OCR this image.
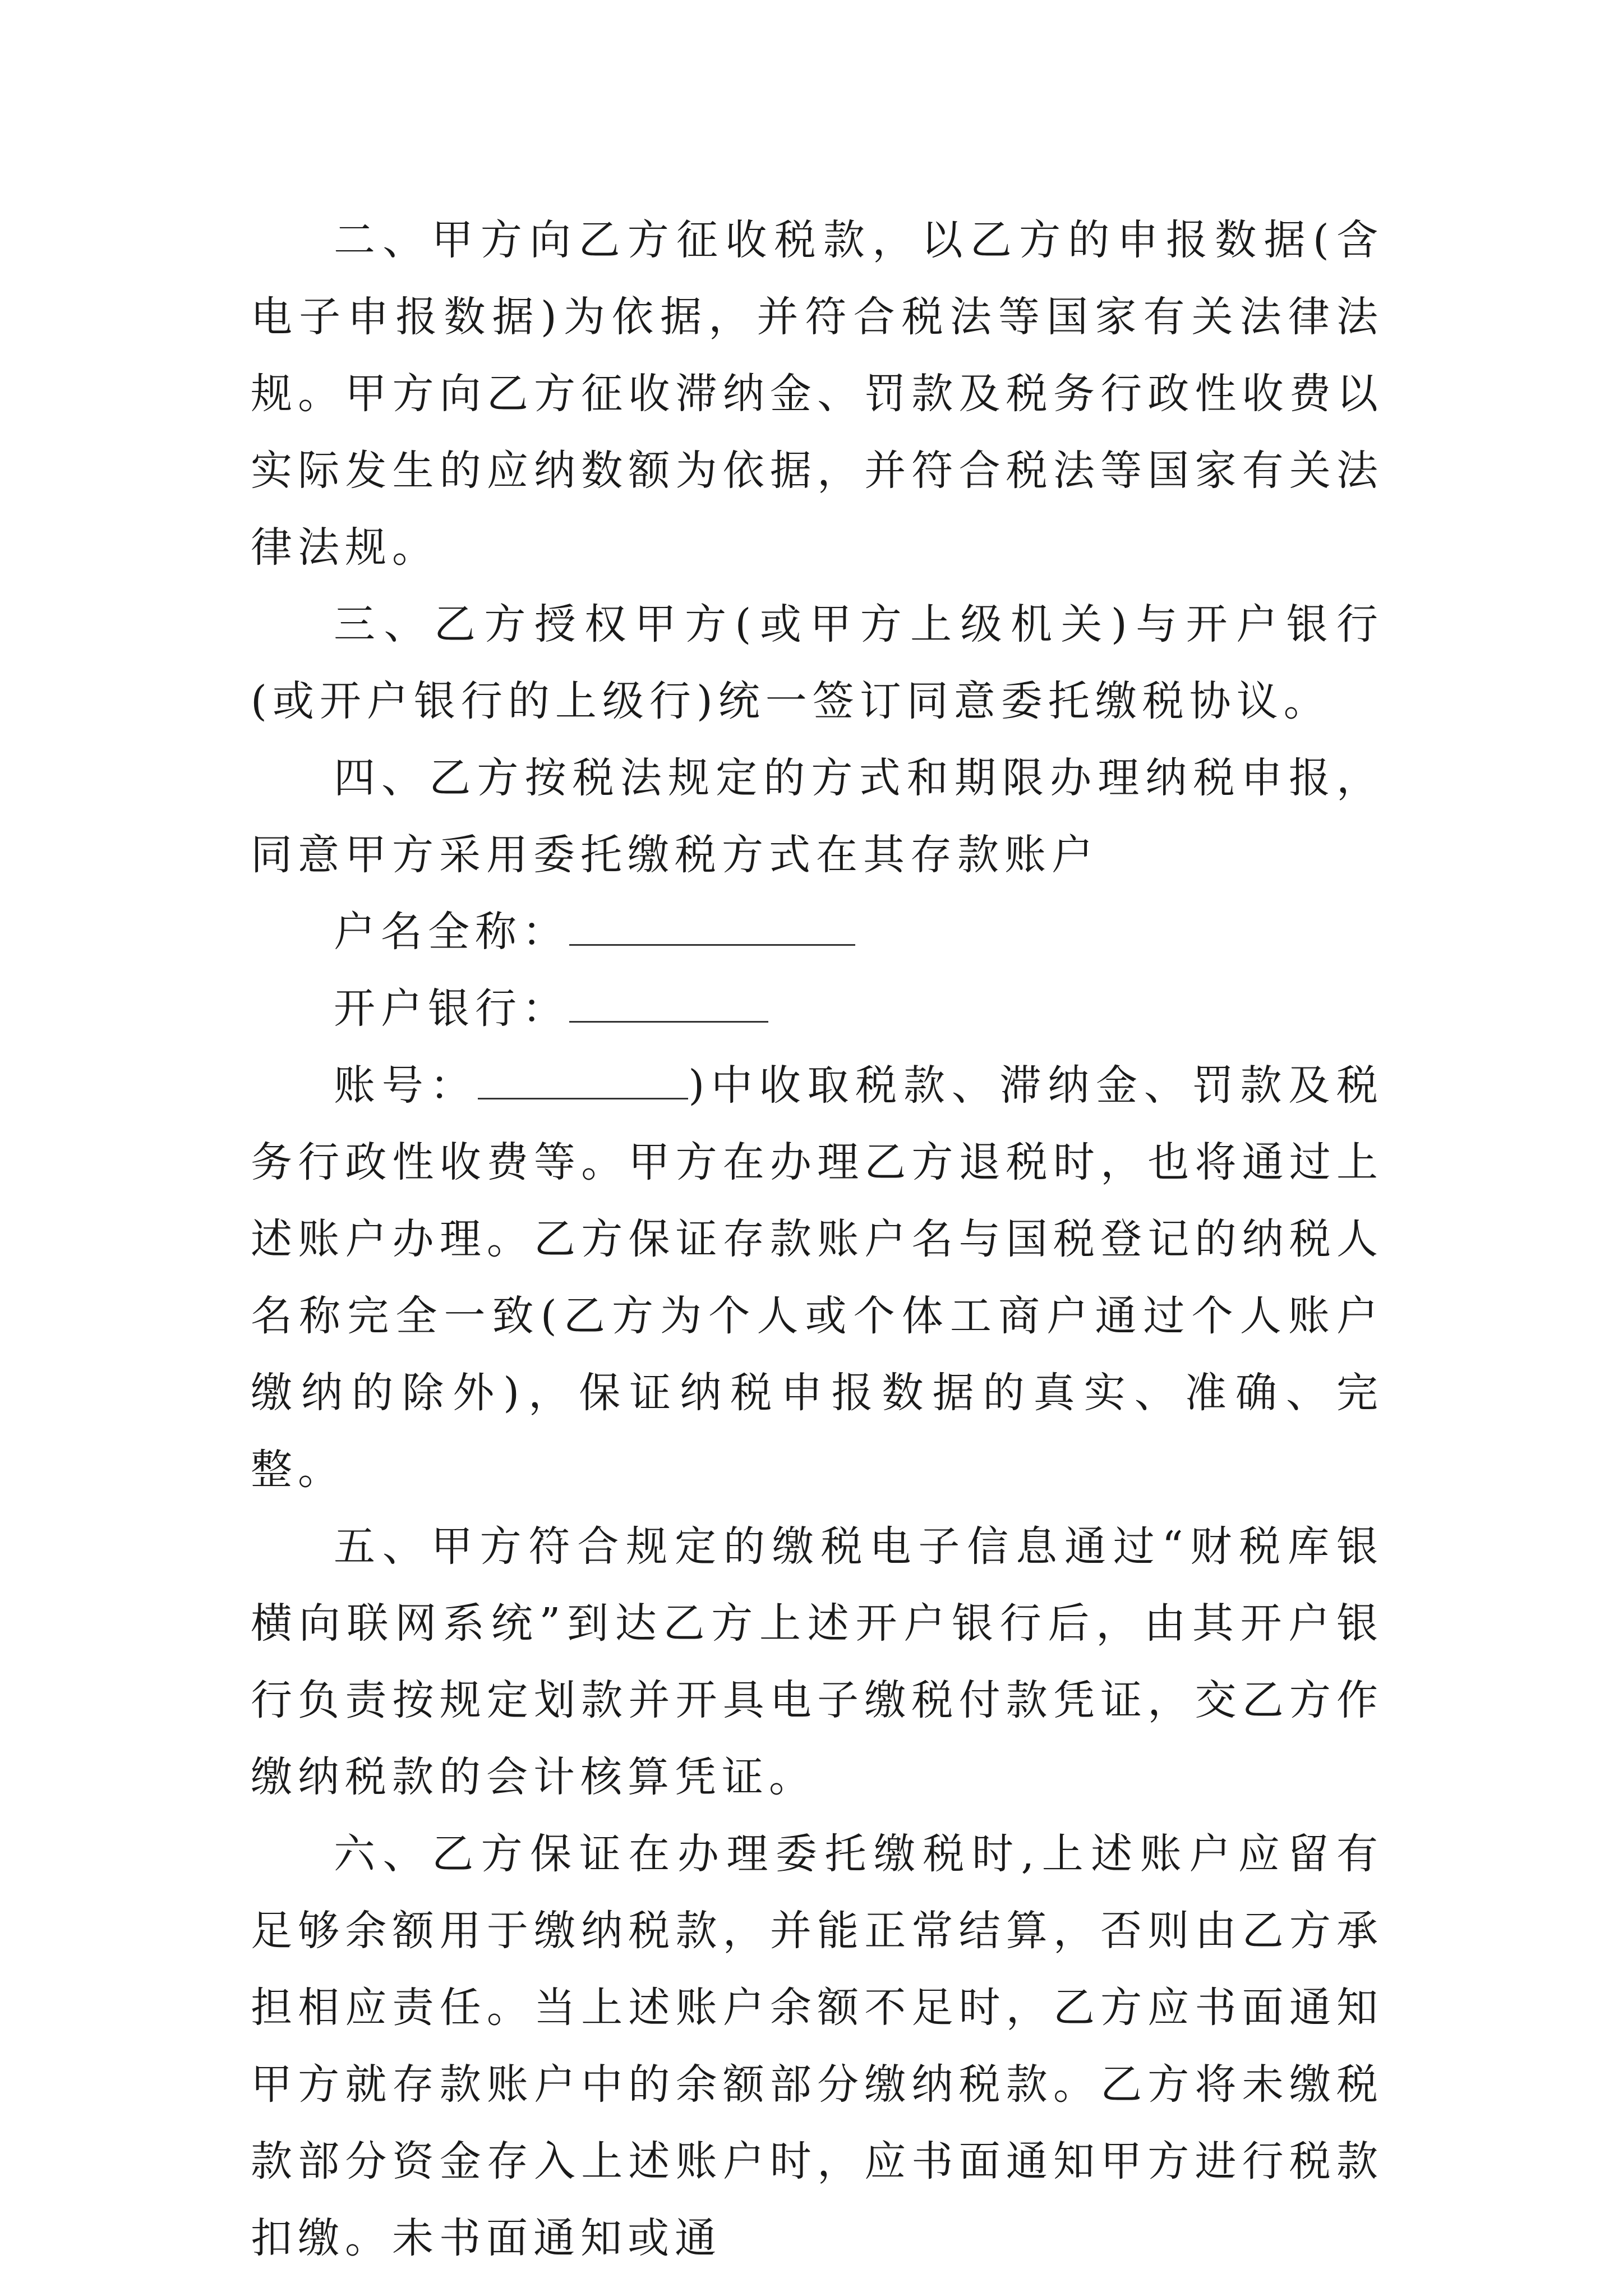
二、甲方向乙方征收税款，以乙方的申报数据(含电子申报数据)为依据，并符合税法等国家有关法律法规。甲方向乙方征收滞纳金、罚款及税务行政性收费以实际发生的应纳数额为依据，并符合税法等国家有关法律法规。

三、乙方授权甲方(或甲方上级机关)与开户银行(或开户银行的上级行)统一签订同意委托缴税协议。

四、乙方按税法规定的方式和期限办理纳税申报，同意甲方采用委托缴税方式在其存款账户

户名全称：

开户银行：

账号：	)中收取税款、滞纳金、罚款及税务行政性收费等。甲方在办理乙方退税时，也将通过上述账户办理。乙方保证存款账户名与国税登记的纳税人名称完全一致(乙方为个人或个体工商户通过个人账户缴纳的除外)，保证纳税申报数据的真实、准确、完整。

五、甲方符合规定的缴税电子信息通过“财税库银横向联网系统”到达乙方上述开户银行后，由其开户银行负责按规定划款并开具电子缴税付款凭证，交乙方作缴纳税款的会计核算凭证。

六、乙方保证在办理委托缴税时,上述账户应留有足够余额用于缴纳税款，并能正常结算，否则由乙方承担相应责任。当上述账户余额不足时，乙方应书面通知甲方就存款账户中的余额部分缴纳税款。乙方将未缴税款部分资金存入上述账户时，应书面通知甲方进行税款扣缴。未书面通知或通
